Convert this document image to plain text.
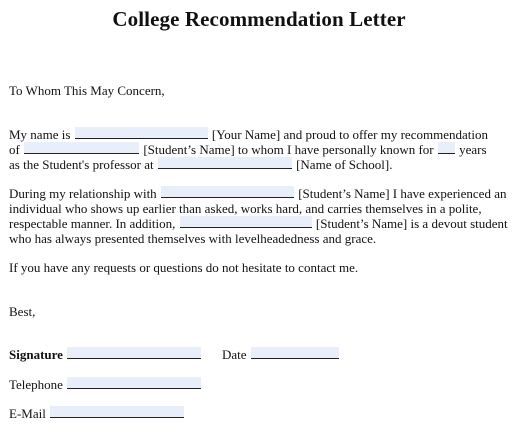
College Recommendation Letter
To Whom This May Concern,
My name is	[Your Name] and proud to offer my recommendation
of	[Student’s Name] to whom I have personally known for years
as the Student's professor at	[Name of School].
During my relationship with	[Student’s Name] I have experienced an
individual who shows up earlier than asked, works hard, and carries themselves in a polite,
respectable manner. In addition,	[Student’s Name] is a devout student
who has always presented themselves with levelheadedness and grace.
If you have any requests or questions do not hesitate to contact me.
Best,
Signature	Date
Telephone
E-Mail
